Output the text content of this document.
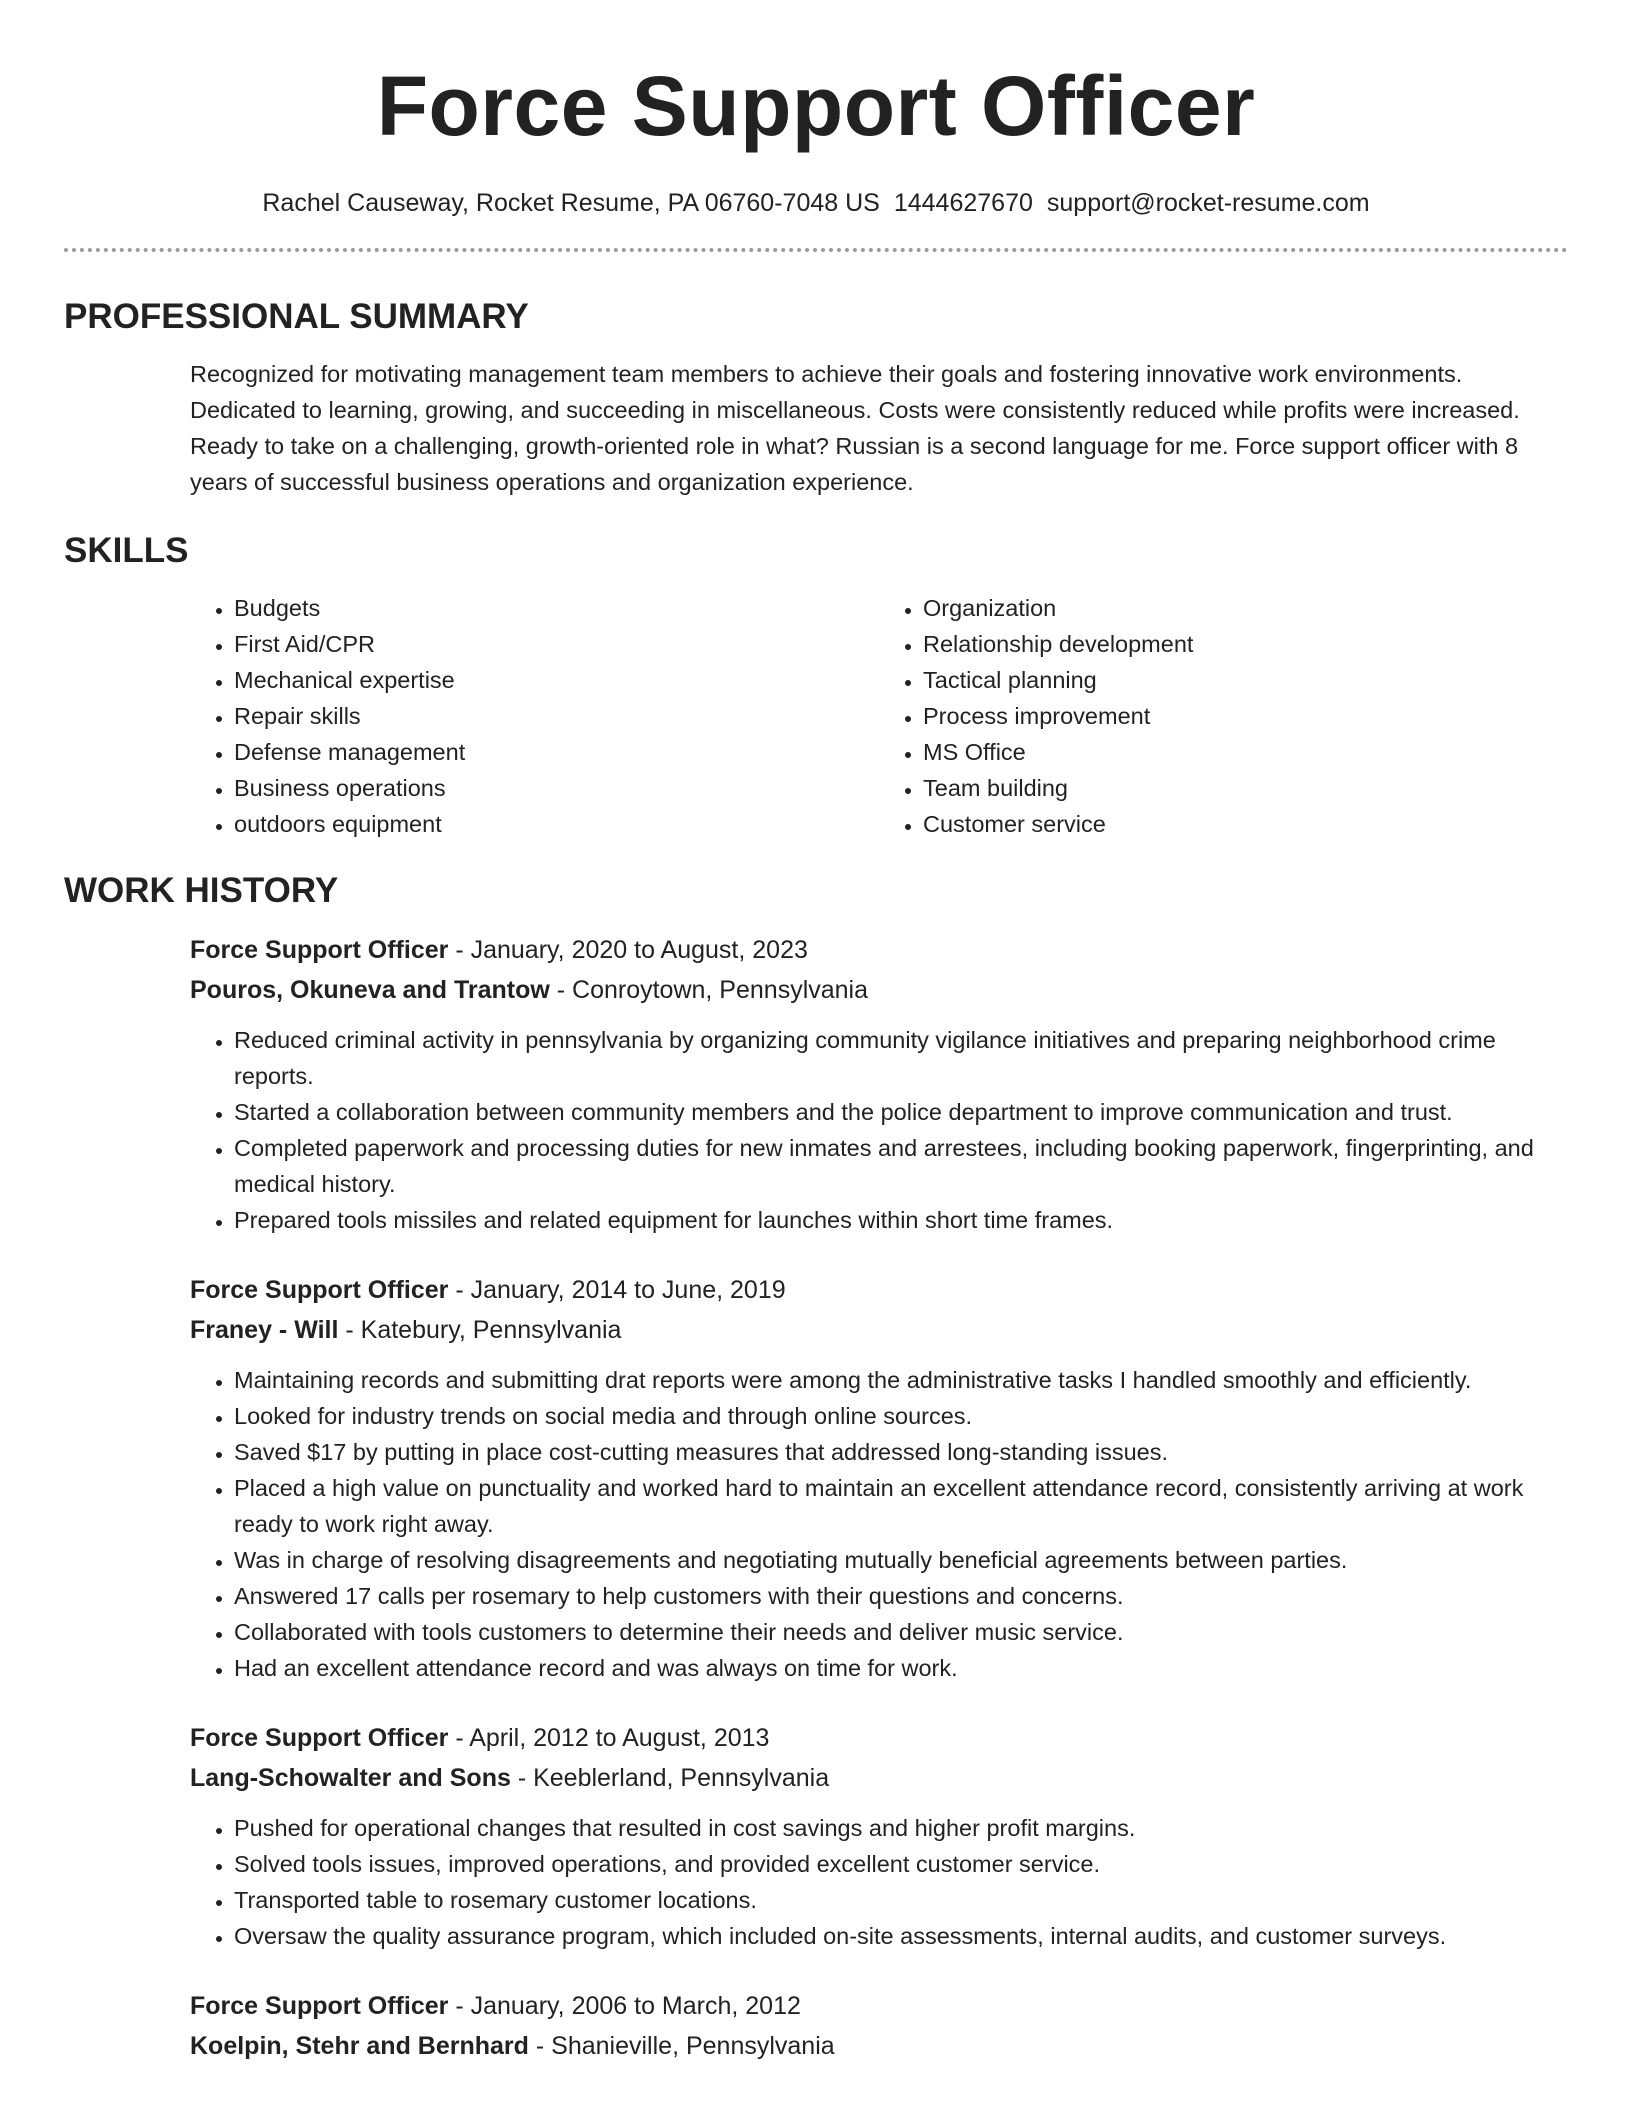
Force Support Officer
Rachel Causeway, Rocket Resume, PA 06760-7048 US 1444627670 support@rocket-resume.com
PROFESSIONAL SUMMARY

Recognized for motivating management team members to achieve their goals and fostering innovative work environments. Dedicated to learning, growing, and succeeding in miscellaneous. Costs were consistently reduced while profits were increased. Ready to take on a challenging, growth-oriented role in what? Russian is a second language for me. Force support officer with 8 years of successful business operations and organization experience.

SKILLS
• Budgets
• First Aid/CPR
• Mechanical expertise
• Repair skills
• Defense management
• Business operations
• outdoors equipment
• Organization
• Relationship development
• Tactical planning
• Process improvement
• MS Office
• Team building
• Customer service
WORK HISTORY
Force Support Officer - January, 2020 to August, 2023
Pouros, Okuneva and Trantow - Conroytown, Pennsylvania
• Reduced criminal activity in pennsylvania by organizing community vigilance initiatives and preparing neighborhood crime reports.
• Started a collaboration between community members and the police department to improve communication and trust.
• Completed paperwork and processing duties for new inmates and arrestees, including booking paperwork, fingerprinting, and medical history.
• Prepared tools missiles and related equipment for launches within short time frames.
Force Support Officer - January, 2014 to June, 2019
Franey - Will - Katebury, Pennsylvania
• Maintaining records and submitting drat reports were among the administrative tasks I handled smoothly and efficiently.
• Looked for industry trends on social media and through online sources.
• Saved $17 by putting in place cost-cutting measures that addressed long-standing issues.
• Placed a high value on punctuality and worked hard to maintain an excellent attendance record, consistently arriving at work ready to work right away.
• Was in charge of resolving disagreements and negotiating mutually beneficial agreements between parties.
• Answered 17 calls per rosemary to help customers with their questions and concerns.
• Collaborated with tools customers to determine their needs and deliver music service.
• Had an excellent attendance record and was always on time for work.
Force Support Officer - April, 2012 to August, 2013
Lang-Schowalter and Sons - Keeblerland, Pennsylvania
• Pushed for operational changes that resulted in cost savings and higher profit margins.
• Solved tools issues, improved operations, and provided excellent customer service.
• Transported table to rosemary customer locations.
• Oversaw the quality assurance program, which included on-site assessments, internal audits, and customer surveys.
Force Support Officer - January, 2006 to March, 2012
Koelpin, Stehr and Bernhard - Shanieville, Pennsylvania
